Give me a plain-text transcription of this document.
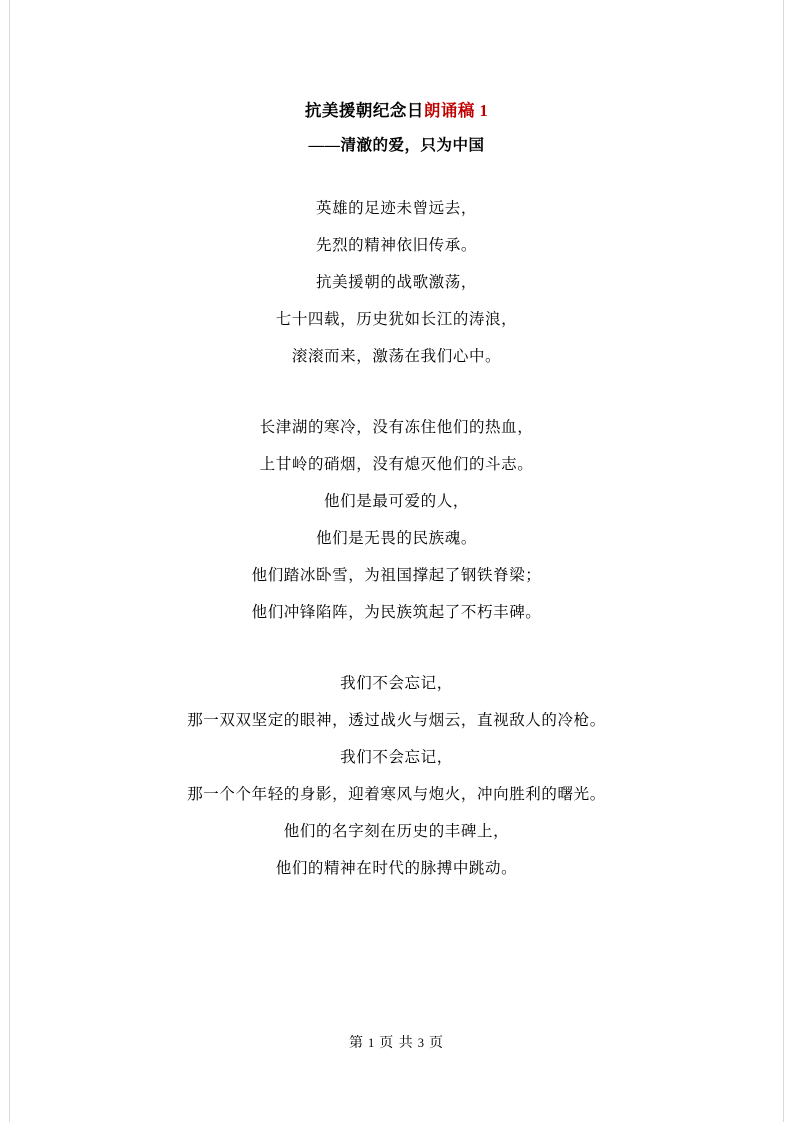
抗美援朝纪念日朗诵稿 1
——清澈的爱，只为中国
英雄的足迹未曾远去，
先烈的精神依旧传承。
抗美援朝的战歌激荡，
七十四载，历史犹如长江的涛浪，
滚滚而来，激荡在我们心中。
长津湖的寒冷，没有冻住他们的热血，
上甘岭的硝烟，没有熄灭他们的斗志。
他们是最可爱的人，
他们是无畏的民族魂。
他们踏冰卧雪，为祖国撑起了钢铁脊梁；
他们冲锋陷阵，为民族筑起了不朽丰碑。
我们不会忘记，
那一双双坚定的眼神，透过战火与烟云，直视敌人的冷枪。
我们不会忘记，
那一个个年轻的身影，迎着寒风与炮火，冲向胜利的曙光。
他们的名字刻在历史的丰碑上，
他们的精神在时代的脉搏中跳动。
第 1 页 共 3 页
